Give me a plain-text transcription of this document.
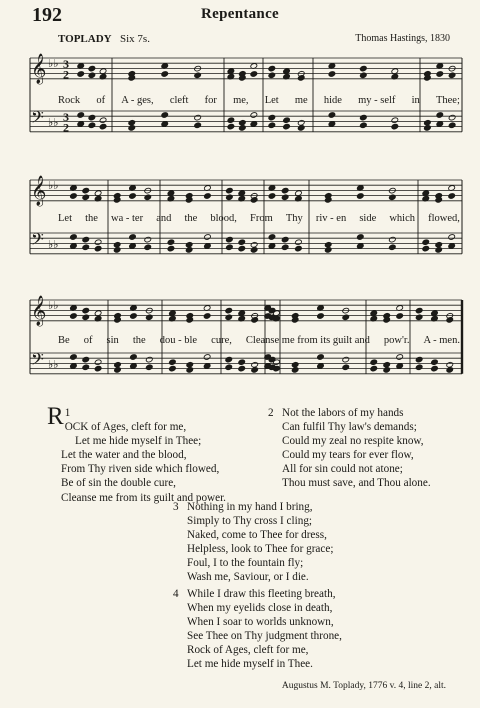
192	Repentance
TOPLADY Six 7s.	Thomas Hastings, 1830
𝄞 ♭♭ 3
2
𝄢 ♭♭ 3
2
Rock of A - ges, cleft for me, Let me hide my - self in Thee;
𝄞 ♭♭
𝄢 ♭♭
Let the wa - ter and the blood, From Thy riv - en side which flowed,
𝄞 ♭♭
𝄢 ♭♭
Be of sin the dou - ble cure, Cleanse me from its guilt and pow'r. A - men.
1
R OCK of Ages, cleft for me,
Let me hide myself in Thee;
Let the water and the blood,
From Thy riven side which flowed,
Be of sin the double cure,
Cleanse me from its guilt and power.
2 Not the labors of my hands
Can fulfil Thy law's demands;
Could my zeal no respite know,
Could my tears for ever flow,
All for sin could not atone;
Thou must save, and Thou alone.
3 Nothing in my hand I bring,
Simply to Thy cross I cling;
Naked, come to Thee for dress,
Helpless, look to Thee for grace;
Foul, I to the fountain fly;
Wash me, Saviour, or I die.
4 While I draw this fleeting breath,
When my eyelids close in death,
When I soar to worlds unknown,
See Thee on Thy judgment throne,
Rock of Ages, cleft for me,
Let me hide myself in Thee.
Augustus M. Toplady, 1776 v. 4, line 2, alt.
